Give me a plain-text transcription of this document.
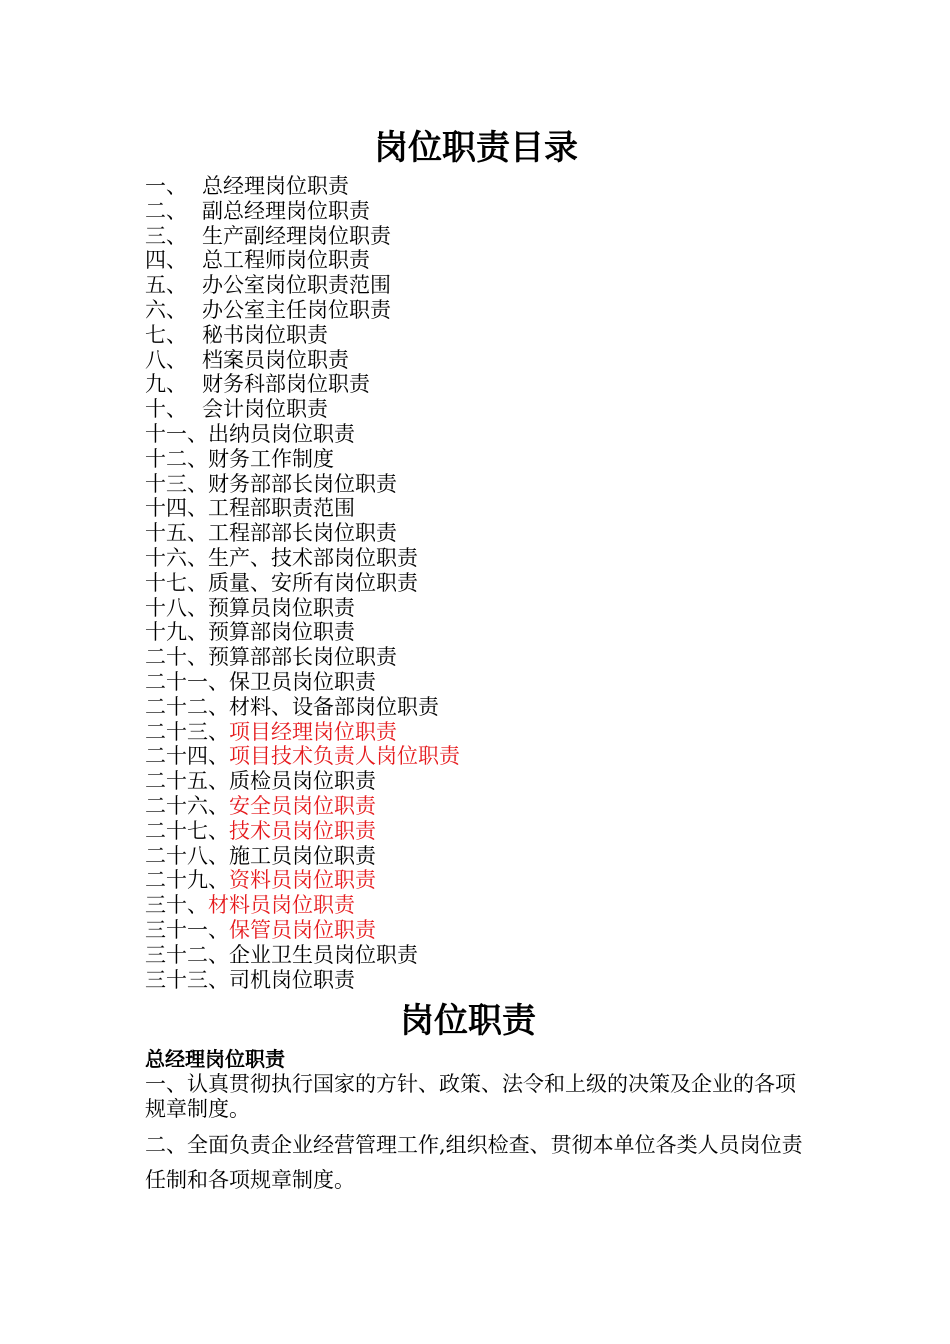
岗位职责目录
一、 总经理岗位职责
二、 副总经理岗位职责
三、 生产副经理岗位职责
四、 总工程师岗位职责
五、 办公室岗位职责范围
六、 办公室主任岗位职责
七、 秘书岗位职责
八、 档案员岗位职责
九、 财务科部岗位职责
十、 会计岗位职责
十一、出纳员岗位职责
十二、财务工作制度
十三、财务部部长岗位职责
十四、工程部职责范围
十五、工程部部长岗位职责
十六、生产、技术部岗位职责
十七、质量、安所有岗位职责
十八、预算员岗位职责
十九、预算部岗位职责
二十、预算部部长岗位职责
二十一、保卫员岗位职责
二十二、材料、设备部岗位职责
二十三、项目经理岗位职责
二十四、项目技术负责人岗位职责
二十五、质检员岗位职责
二十六、安全员岗位职责
二十七、技术员岗位职责
二十八、施工员岗位职责
二十九、资料员岗位职责
三十、材料员岗位职责
三十一、保管员岗位职责
三十二、企业卫生员岗位职责
三十三、司机岗位职责
岗位职责
总经理岗位职责

一、认真贯彻执行国家的方针、政策、法令和上级的决策及企业的各项规章制度。

二、全面负责企业经营管理工作,组织检查、贯彻本单位各类人员岗位责任制和各项规章制度。
